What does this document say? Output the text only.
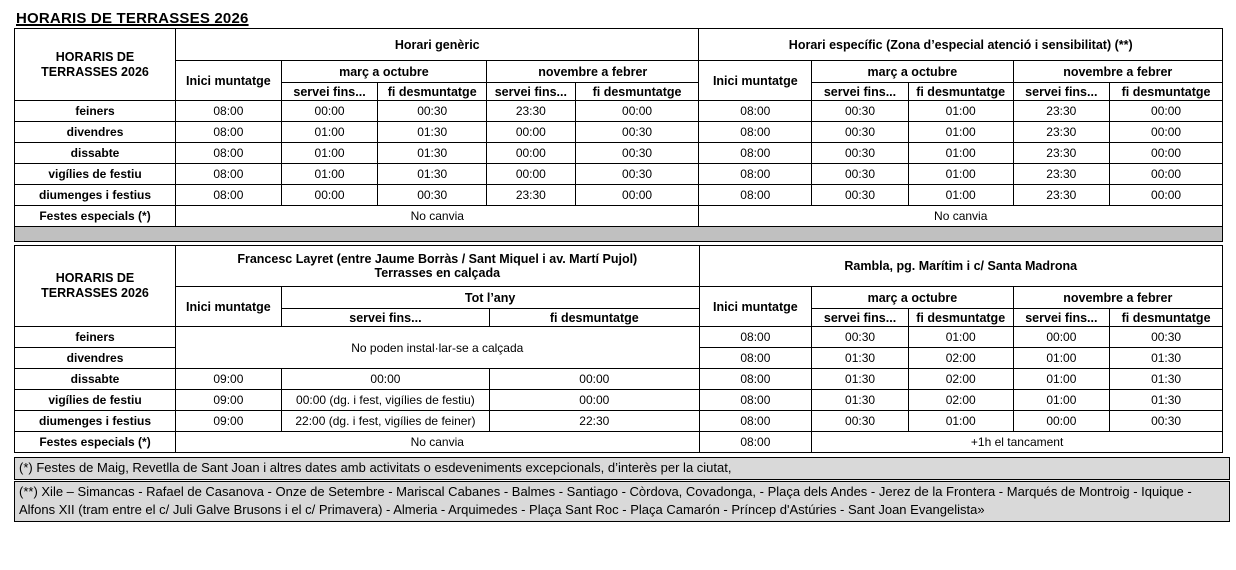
HORARIS DE TERRASSES 2026
HORARIS DE TERRASSES 2026	Horari genèric					Horari específic (Zona d’especial atenció i sensibilitat) (**)				
	Inici muntatge	març a octubre		novembre a febrer		Inici muntatge	març a octubre		novembre a febrer	
		servei fins...	fi desmuntatge	servei fins...	fi desmuntatge		servei fins...	fi desmuntatge	servei fins...	fi desmuntatge
feiners	08:00	00:00	00:30	23:30	00:00	08:00	00:30	01:00	23:30	00:00
divendres	08:00	01:00	01:30	00:00	00:30	08:00	00:30	01:00	23:30	00:00
dissabte	08:00	01:00	01:30	00:00	00:30	08:00	00:30	01:00	23:30	00:00
vigílies de festiu	08:00	01:00	01:30	00:00	00:30	08:00	00:30	01:00	23:30	00:00
diumenges i festius	08:00	00:00	00:30	23:30	00:00	08:00	00:30	01:00	23:30	00:00
Festes especials (*)	No canvia					No canvia				
HORARIS DE TERRASSES 2026	Francesc Layret (entre Jaume Borràs / Sant Miquel i av. Martí Pujol)
Terrasses en calçada			Rambla, pg. Marítim i c/ Santa Madrona				
	Inici muntatge	Tot l’any		Inici muntatge	març a octubre		novembre a febrer	
		servei fins...	fi desmuntatge		servei fins...	fi desmuntatge	servei fins...	fi desmuntatge
feiners	No poden instal·lar-se a calçada			08:00	00:30	01:00	00:00	00:30
divendres				08:00	01:30	02:00	01:00	01:30
dissabte	09:00	00:00	00:00	08:00	01:30	02:00	01:00	01:30
vigílies de festiu	09:00	00:00 (dg. i fest, vigílies de festiu)	00:00	08:00	01:30	02:00	01:00	01:30
diumenges i festius	09:00	22:00 (dg. i fest, vigílies de feiner)	22:30	08:00	00:30	01:00	00:00	00:30
Festes especials (*)	No canvia			08:00	+1h el tancament			
(*) Festes de Maig, Revetlla de Sant Joan i altres dates amb activitats o esdeveniments excepcionals, d’interès per la ciutat,
(**) Xile – Simancas - Rafael de Casanova - Onze de Setembre - Mariscal Cabanes - Balmes - Santiago - Còrdova, Covadonga, - Plaça dels Andes - Jerez de la Frontera - Marqués de Montroig - Iquique - Alfons XII (tram entre el c/ Juli Galve Brusons i el c/ Primavera) - Almeria - Arquimedes - Plaça Sant Roc - Plaça Camarón - Príncep d'Astúries - Sant Joan Evangelista»
